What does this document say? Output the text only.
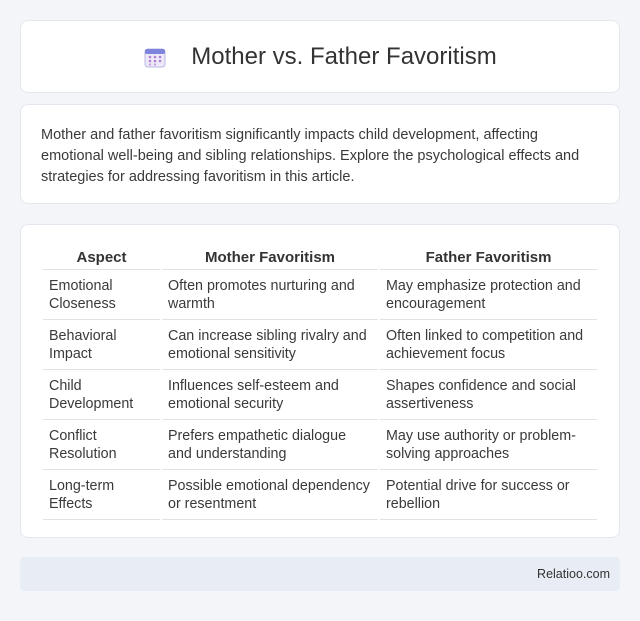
Mother vs. Father Favoritism

Mother and father favoritism significantly impacts child development, affecting emotional well-being and sibling relationships. Explore the psychological effects and strategies for addressing favoritism in this article.

Aspect	Mother Favoritism	Father Favoritism
Emotional Closeness	Often promotes nurturing and warmth	May emphasize protection and encouragement
Behavioral Impact	Can increase sibling rivalry and emotional sensitivity	Often linked to competition and achievement focus
Child Development	Influences self-esteem and emotional security	Shapes confidence and social assertiveness
Conflict Resolution	Prefers empathetic dialogue and understanding	May use authority or problem-solving approaches
Long-term Effects	Possible emotional dependency or resentment	Potential drive for success or rebellion
Relatioo.com
